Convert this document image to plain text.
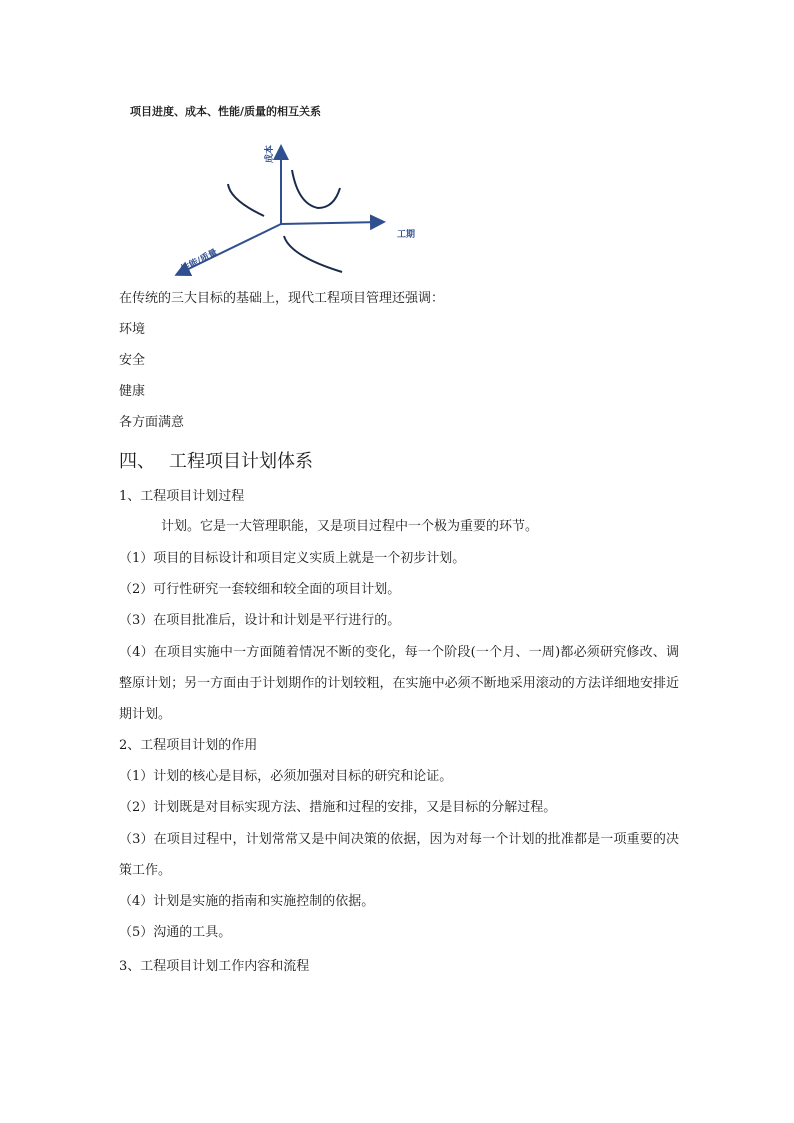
项目进度、成本、性能/质量的相互关系
成本
工期
性能/质量
在传统的三大目标的基础上，现代工程项目管理还强调：
环境
安全
健康
各方面满意
四、 工程项目计划体系
1、工程项目计划过程
计划。它是一大管理职能，又是项目过程中一个极为重要的环节。
（1）项目的目标设计和项目定义实质上就是一个初步计划。
（2）可行性研究一套较细和较全面的项目计划。
（3）在项目批准后，设计和计划是平行进行的。
（4）在项目实施中一方面随着情况不断的变化，每一个阶段(一个月、一周)都必须研究修改、调整原计划；另一方面由于计划期作的计划较粗，在实施中必须不断地采用滚动的方法详细地安排近期计划。
2、工程项目计划的作用
（1）计划的核心是目标，必须加强对目标的研究和论证。
（2）计划既是对目标实现方法、措施和过程的安排，又是目标的分解过程。
（3）在项目过程中，计划常常又是中间决策的依据，因为对每一个计划的批准都是一项重要的决策工作。
（4）计划是实施的指南和实施控制的依据。
（5）沟通的工具。
3、工程项目计划工作内容和流程
